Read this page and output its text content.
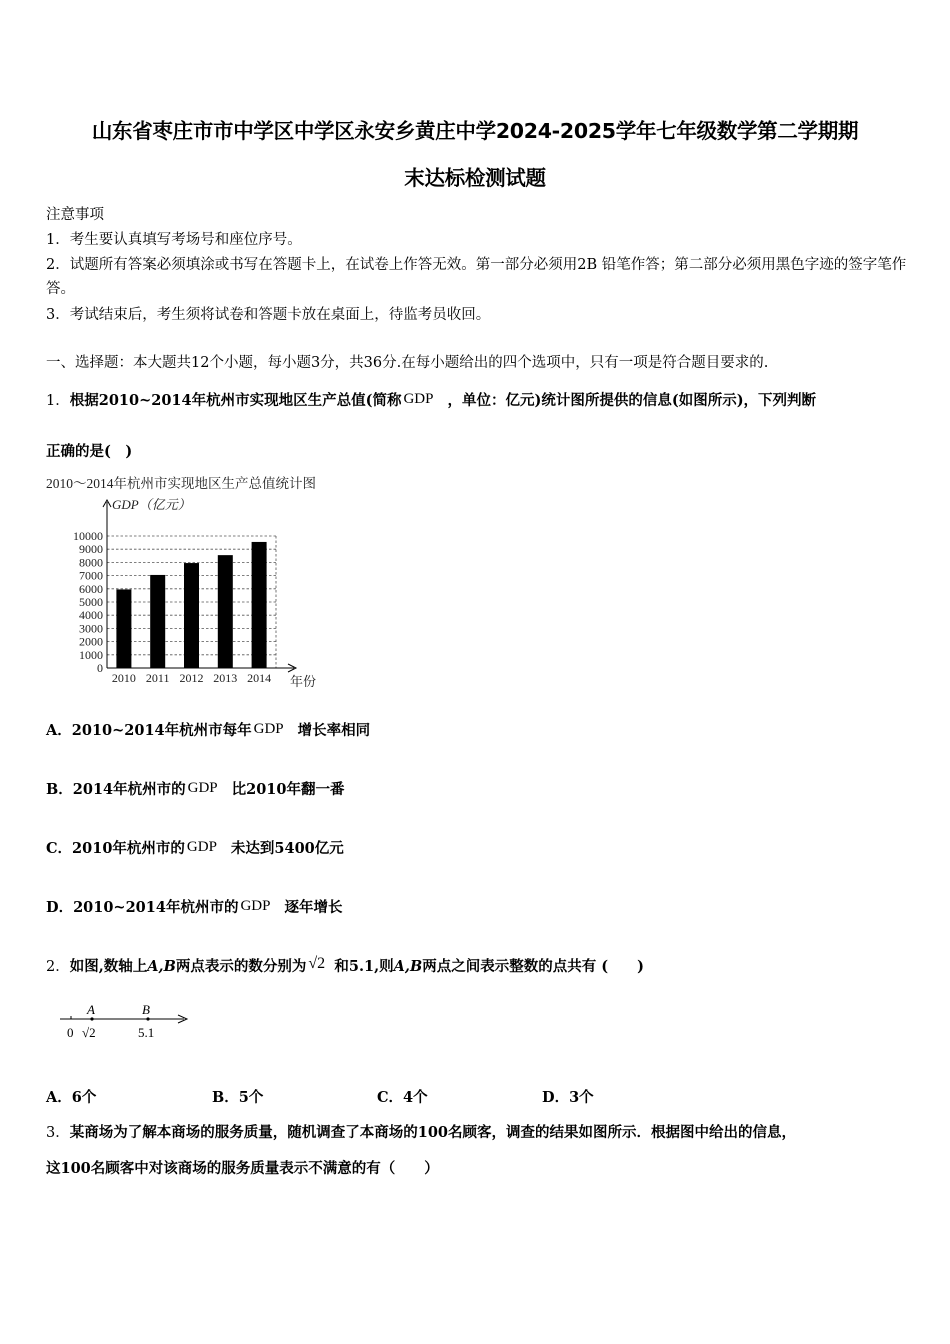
山东省枣庄市市中学区中学区永安乡黄庄中学2024-2025学年七年级数学第二学期期
末达标检测试题
注意事项
1．考生要认真填写考场号和座位序号。
2．试题所有答案必须填涂或书写在答题卡上，在试卷上作答无效。第一部分必须用2B 铅笔作答；第二部分必须用黑色字迹的签字笔作答。
3．考试结束后，考生须将试卷和答题卡放在桌面上，待监考员收回。
一、选择题：本大题共12个小题，每小题3分，共36分.在每小题给出的四个选项中，只有一项是符合题目要求的.
1．根据2010~2014年杭州市实现地区生产总值(简称 GDP ，单位：亿元)统计图所提供的信息(如图所示)，下列判断
正确的是(　)
2010～2014年杭州市实现地区生产总值统计图
GDP（亿元）
年份
0
1000
2000
3000
4000
5000
6000
7000
8000
9000
10000
2010 2011 2012 2013 2014
A．2010~2014年杭州市每年 GDP 增长率相同
B．2014年杭州市的 GDP 比2010年翻一番
C．2010年杭州市的 GDP 未达到5400亿元
D．2010~2014年杭州市的 GDP 逐年增长
2．如图,数轴上A,B两点表示的数分别为 √2 和5.1,则A,B两点之间表示整数的点共有 (　　)
A	B
0 √2	5.1
A．6个	B．5个	C．4个	D．3个
3．某商场为了解本商场的服务质量，随机调查了本商场的100名顾客，调查的结果如图所示．根据图中给出的信息，
这100名顾客中对该商场的服务质量表示不满意的有（　　）
